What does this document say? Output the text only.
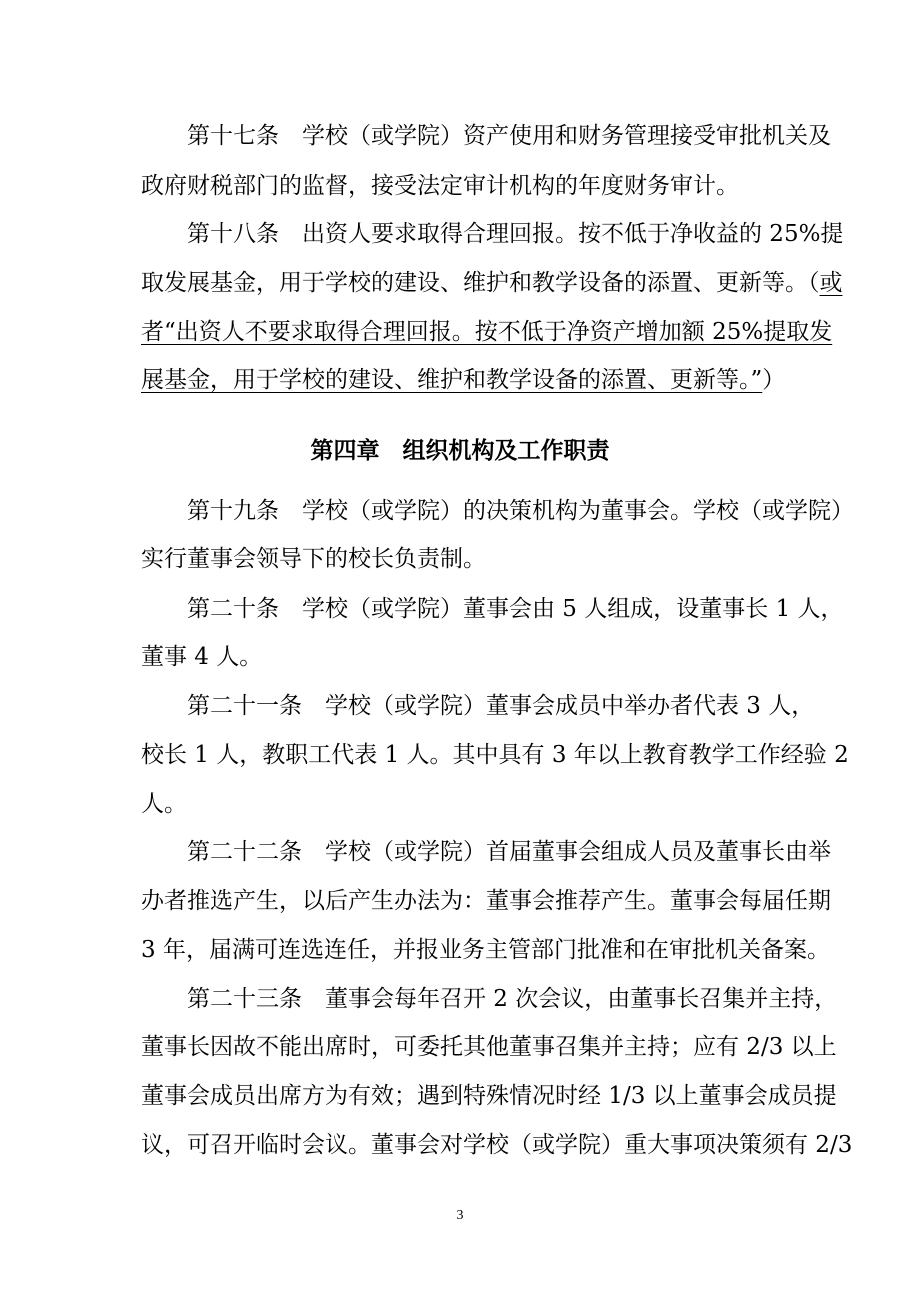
第十七条　学校（或学院）资产使用和财务管理接受审批机关及
政府财税部门的监督，接受法定审计机构的年度财务审计。
第十八条　出资人要求取得合理回报。按不低于净收益的 25%提
取发展基金，用于学校的建设、维护和教学设备的添置、更新等。（或
者“出资人不要求取得合理回报。按不低于净资产增加额 25%提取发
展基金，用于学校的建设、维护和教学设备的添置、更新等。”）
第四章　组织机构及工作职责
第十九条　学校（或学院）的决策机构为董事会。学校（或学院）
实行董事会领导下的校长负责制。
第二十条　学校（或学院）董事会由 5 人组成，设董事长 1 人，
董事 4 人。
第二十一条　学校（或学院）董事会成员中举办者代表 3 人，
校长 1 人，教职工代表 1 人。其中具有 3 年以上教育教学工作经验 2
人。
第二十二条　学校（或学院）首届董事会组成人员及董事长由举
办者推选产生，以后产生办法为：董事会推荐产生。董事会每届任期
3 年，届满可连选连任，并报业务主管部门批准和在审批机关备案。
第二十三条　董事会每年召开 2 次会议，由董事长召集并主持，
董事长因故不能出席时，可委托其他董事召集并主持；应有 2/3 以上
董事会成员出席方为有效；遇到特殊情况时经 1/3 以上董事会成员提
议，可召开临时会议。董事会对学校（或学院）重大事项决策须有 2/3
3
